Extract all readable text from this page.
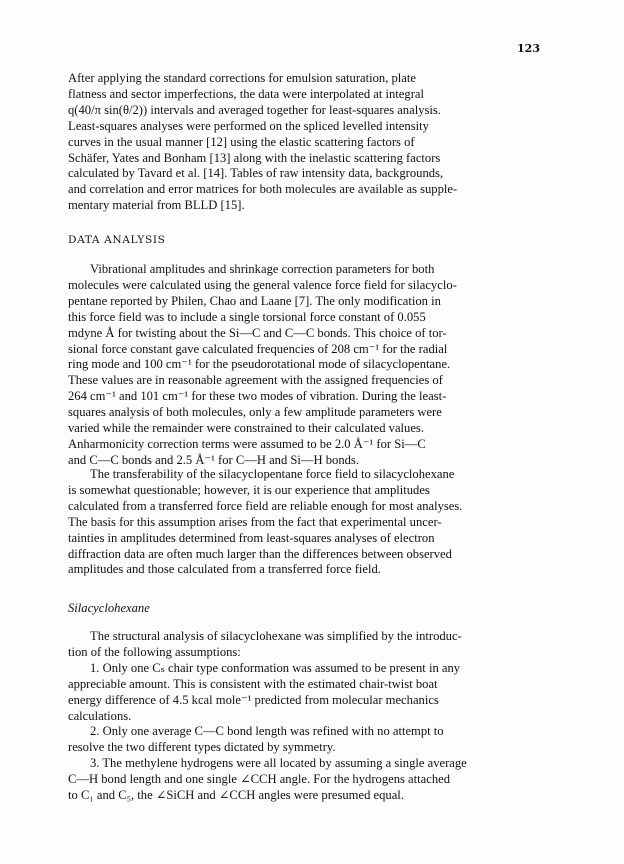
123
After applying the standard corrections for emulsion saturation, plate
flatness and sector imperfections, the data were interpolated at integral
q(40/π sin(θ/2)) intervals and averaged together for least-squares analysis.
Least-squares analyses were performed on the spliced levelled intensity
curves in the usual manner [12] using the elastic scattering factors of
Schäfer, Yates and Bonham [13] along with the inelastic scattering factors
calculated by Tavard et al. [14]. Tables of raw intensity data, backgrounds,
and correlation and error matrices for both molecules are available as supple-
mentary material from BLLD [15].
DATA ANALYSIS
Vibrational amplitudes and shrinkage correction parameters for both
molecules were calculated using the general valence force field for silacyclo-
pentane reported by Philen, Chao and Laane [7]. The only modification in
this force field was to include a single torsional force constant of 0.055
mdyne Å for twisting about the Si—C and C—C bonds. This choice of tor-
sional force constant gave calculated frequencies of 208 cm⁻¹ for the radial
ring mode and 100 cm⁻¹ for the pseudorotational mode of silacyclopentane.
These values are in reasonable agreement with the assigned frequencies of
264 cm⁻¹ and 101 cm⁻¹ for these two modes of vibration. During the least-
squares analysis of both molecules, only a few amplitude parameters were
varied while the remainder were constrained to their calculated values.
Anharmonicity correction terms were assumed to be 2.0 Å⁻¹ for Si—C
and C—C bonds and 2.5 Å⁻¹ for C—H and Si—H bonds.
The transferability of the silacyclopentane force field to silacyclohexane
is somewhat questionable; however, it is our experience that amplitudes
calculated from a transferred force field are reliable enough for most analyses.
The basis for this assumption arises from the fact that experimental uncer-
tainties in amplitudes determined from least-squares analyses of electron
diffraction data are often much larger than the differences between observed
amplitudes and those calculated from a transferred force field.
Silacyclohexane
The structural analysis of silacyclohexane was simplified by the introduc-
tion of the following assumptions:
1. Only one Cₛ chair type conformation was assumed to be present in any
appreciable amount. This is consistent with the estimated chair-twist boat
energy difference of 4.5 kcal mole⁻¹ predicted from molecular mechanics
calculations.
2. Only one average C—C bond length was refined with no attempt to
resolve the two different types dictated by symmetry.
3. The methylene hydrogens were all located by assuming a single average
C—H bond length and one single ∠CCH angle. For the hydrogens attached
to C₁ and C₅, the ∠SiCH and ∠CCH angles were presumed equal.
